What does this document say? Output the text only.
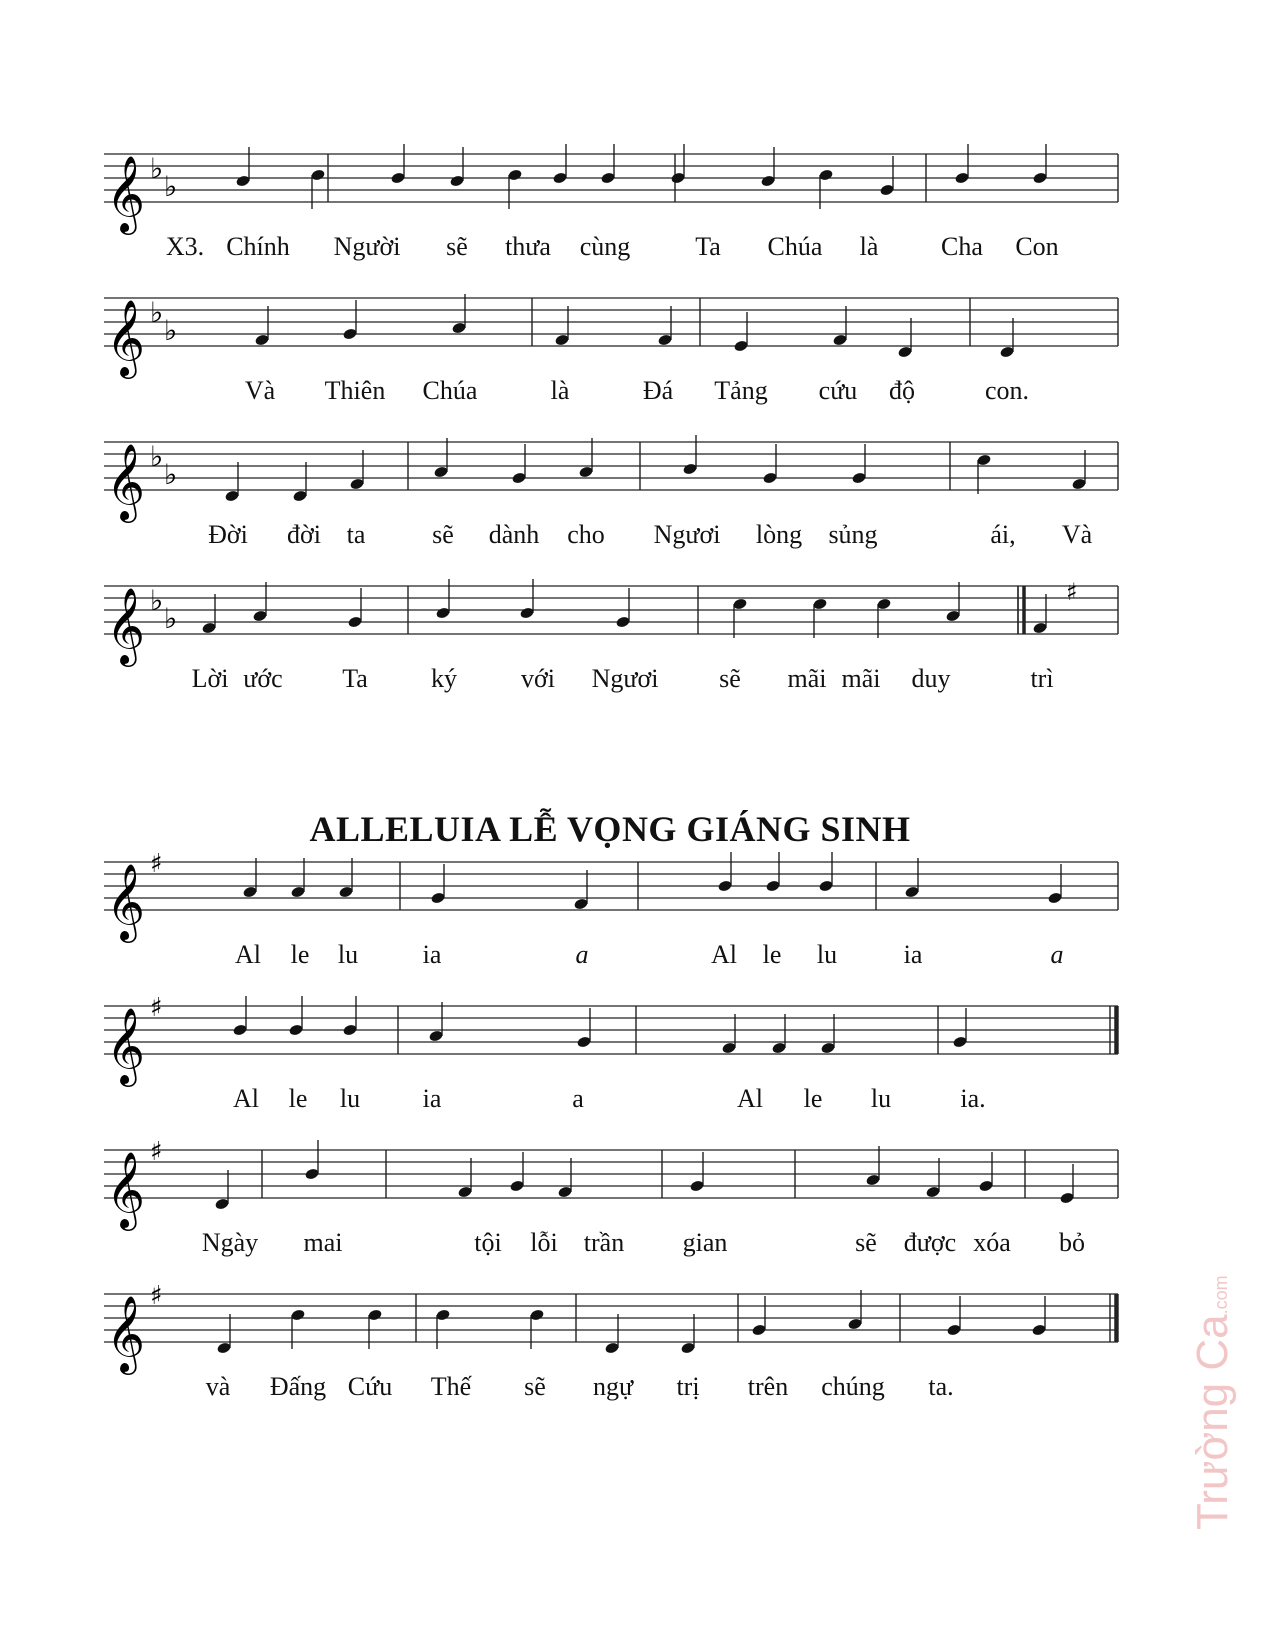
𝄞 ♭
♭
𝄞 ♭
♭
𝄞 ♭
♭
𝄞 ♭
♭
𝄞 ♯
𝄞 ♯
𝄞 ♯
𝄞 ♯
♯
X3. Chính Người sẽ thưa cùng Ta Chúa là Cha Con
Và Thiên Chúa	là	Đá Tảng cứu độ	con.
Đời đời ta	sẽ dành cho Ngươi lòng sủng	ái, Và
Lời ước Ta ký với Ngươi sẽ mãi mãi duy	trì
Al le lu ia	a	Al le lu	ia	a
Al le lu ia	a	Al le lu	ia.
Ngày mai	tội lỗi trần gian	sẽ được xóa bỏ
và Đấng Cứu Thế sẽ ngự trị trên chúng ta.
ALLELUIA LỄ VỌNG GIÁNG SINH
Trường Ca.com
